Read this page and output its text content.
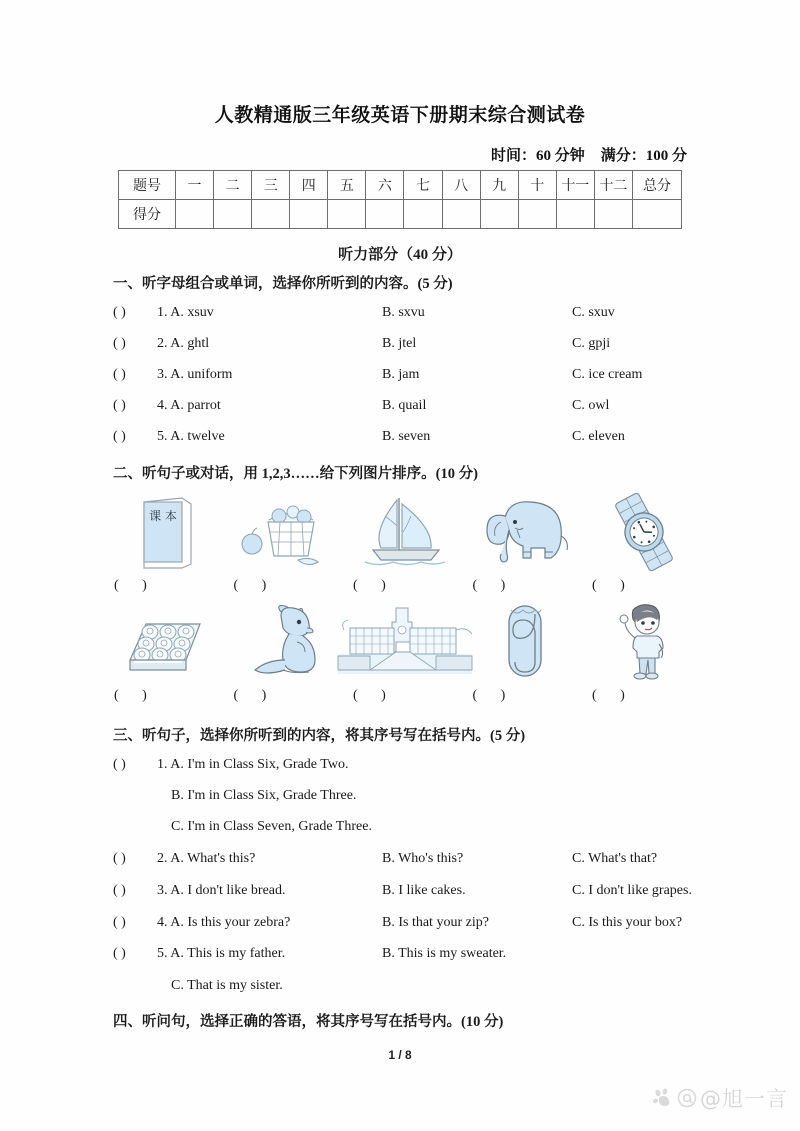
人教精通版三年级英语下册期末综合测试卷
时间：60 分钟 满分：100 分
题号	一	二	三	四	五	六	七	八	九	十	十一	十二	总分
得分													
听力部分（40 分）
一、听字母组合或单词，选择你所听到的内容。(5 分)
( ) 1. A. xsuv	B. sxvu	C. sxuv
( ) 2. A. ghtl	B. jtel	C. gpji
( ) 3. A. uniform	B. jam	C. ice cream
( ) 4. A. parrot	B. quail	C. owl
( ) 5. A. twelve	B. seven	C. eleven
二、听句子或对话，用 1,2,3……给下列图片排序。(10 分)
课 本
( )	( )	( )	( )	( )
( )	( )	( )	( )	( )
三、听句子，选择你所听到的内容，将其序号写在括号内。(5 分)
( ) 1. A. I'm in Class Six, Grade Two.
B. I'm in Class Six, Grade Three.
C. I'm in Class Seven, Grade Three.
( ) 2. A. What's this?	B. Who's this?	C. What's that?
( ) 3. A. I don't like bread.	B. I like cakes.	C. I don't like grapes.
( ) 4. A. Is this your zebra?	B. Is that your zip?	C. Is this your box?
( ) 5. A. This is my father.	B. This is my sweater.
C. That is my sister.
四、听问句，选择正确的答语，将其序号写在括号内。(10 分)
1 / 8
@旭一言
